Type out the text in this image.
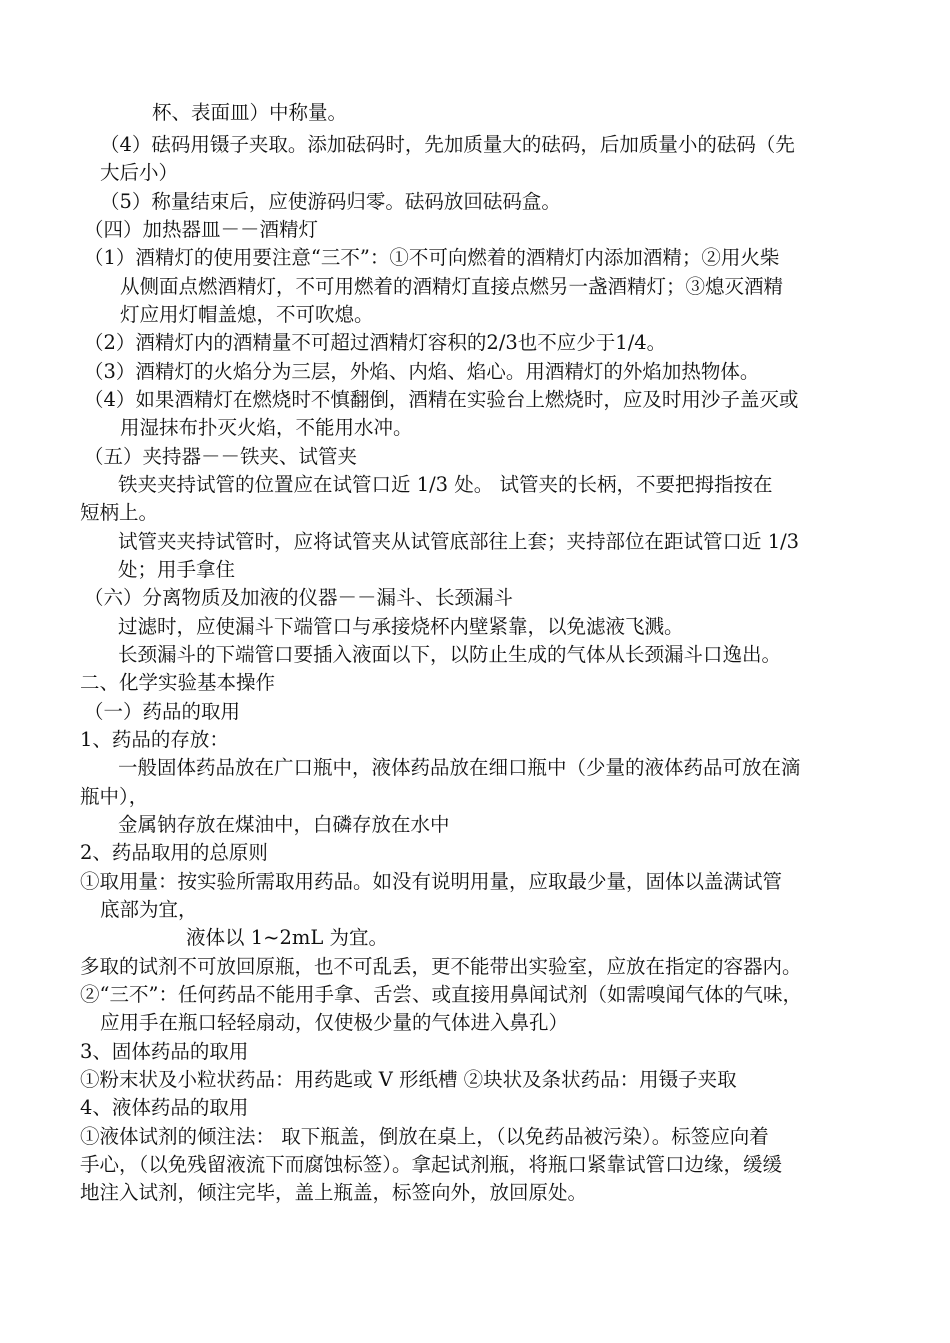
杯、表面皿）中称量。
（4）砝码用镊子夹取。添加砝码时，先加质量大的砝码，后加质量小的砝码（先
大后小）
（5）称量结束后，应使游码归零。砝码放回砝码盒。
（四）加热器皿－－酒精灯
（1）酒精灯的使用要注意“三不”：①不可向燃着的酒精灯内添加酒精；②用火柴
从侧面点燃酒精灯，不可用燃着的酒精灯直接点燃另一盏酒精灯；③熄灭酒精
灯应用灯帽盖熄，不可吹熄。
（2）酒精灯内的酒精量不可超过酒精灯容积的2/3也不应少于1/4。
（3）酒精灯的火焰分为三层，外焰、内焰、焰心。用酒精灯的外焰加热物体。
（4）如果酒精灯在燃烧时不慎翻倒，酒精在实验台上燃烧时，应及时用沙子盖灭或
用湿抹布扑灭火焰，不能用水冲。
（五）夹持器－－铁夹、试管夹
铁夹夹持试管的位置应在试管口近 1/3 处。 试管夹的长柄，不要把拇指按在
短柄上。
试管夹夹持试管时，应将试管夹从试管底部往上套；夹持部位在距试管口近 1/3
处；用手拿住
（六）分离物质及加液的仪器－－漏斗、长颈漏斗
过滤时，应使漏斗下端管口与承接烧杯内壁紧靠，以免滤液飞溅。
长颈漏斗的下端管口要插入液面以下，以防止生成的气体从长颈漏斗口逸出。
二、化学实验基本操作
（一）药品的取用
1、药品的存放：
一般固体药品放在广口瓶中，液体药品放在细口瓶中（少量的液体药品可放在滴
瓶中），
金属钠存放在煤油中，白磷存放在水中
2、药品取用的总原则
①取用量：按实验所需取用药品。如没有说明用量，应取最少量，固体以盖满试管
底部为宜，
液体以 1~2mL 为宜。
多取的试剂不可放回原瓶，也不可乱丢，更不能带出实验室，应放在指定的容器内。
②“三不”：任何药品不能用手拿、舌尝、或直接用鼻闻试剂（如需嗅闻气体的气味，
应用手在瓶口轻轻扇动，仅使极少量的气体进入鼻孔）
3、固体药品的取用
①粉末状及小粒状药品：用药匙或 V 形纸槽 ②块状及条状药品：用镊子夹取
4、液体药品的取用
①液体试剂的倾注法： 取下瓶盖，倒放在桌上，（以免药品被污染）。标签应向着
手心，（以免残留液流下而腐蚀标签）。拿起试剂瓶，将瓶口紧靠试管口边缘，缓缓
地注入试剂，倾注完毕，盖上瓶盖，标签向外，放回原处。
